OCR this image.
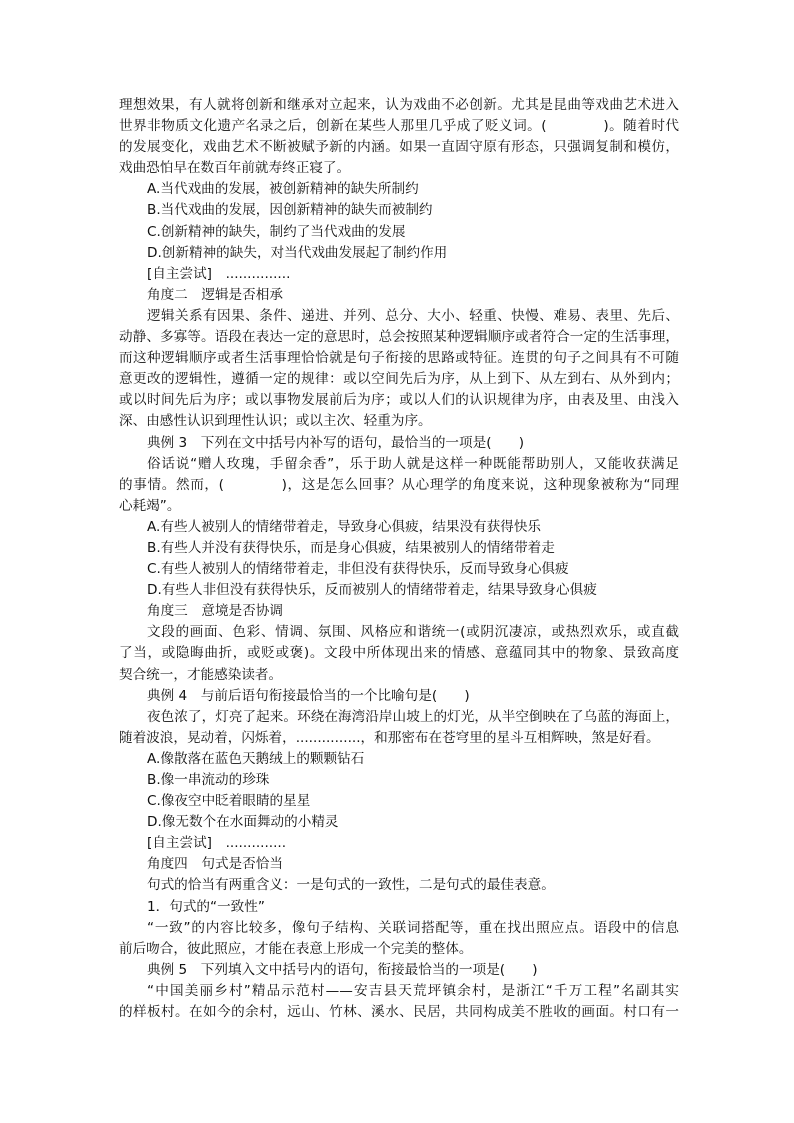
理想效果，有人就将创新和继承对立起来，认为戏曲不必创新。尤其是昆曲等戏曲艺术进入
世界非物质文化遗产名录之后，创新在某些人那里几乎成了贬义词。(　　　　)。随着时代
的发展变化，戏曲艺术不断被赋予新的内涵。如果一直固守原有形态，只强调复制和模仿，
戏曲恐怕早在数百年前就寿终正寝了。
A.当代戏曲的发展，被创新精神的缺失所制约
B.当代戏曲的发展，因创新精神的缺失而被制约
C.创新精神的缺失，制约了当代戏曲的发展
D.创新精神的缺失，对当代戏曲发展起了制约作用
[自主尝试]　...............
角度二　逻辑是否相承
逻辑关系有因果、条件、递进、并列、总分、大小、轻重、快慢、难易、表里、先后、
动静、多寡等。语段在表达一定的意思时，总会按照某种逻辑顺序或者符合一定的生活事理，
而这种逻辑顺序或者生活事理恰恰就是句子衔接的思路或特征。连贯的句子之间具有不可随
意更改的逻辑性，遵循一定的规律：或以空间先后为序，从上到下、从左到右、从外到内；
或以时间先后为序；或以事物发展前后为序；或以人们的认识规律为序，由表及里、由浅入
深、由感性认识到理性认识；或以主次、轻重为序。
典例 3　下列在文中括号内补写的语句，最恰当的一项是(　　)
俗话说“赠人玫瑰，手留余香”，乐于助人就是这样一种既能帮助别人，又能收获满足
的事情。然而，(　　　　)，这是怎么回事？从心理学的角度来说，这种现象被称为“同理
心耗竭”。
A.有些人被别人的情绪带着走，导致身心俱疲，结果没有获得快乐
B.有些人并没有获得快乐，而是身心俱疲，结果被别人的情绪带着走
C.有些人被别人的情绪带着走，非但没有获得快乐，反而导致身心俱疲
D.有些人非但没有获得快乐，反而被别人的情绪带着走，结果导致身心俱疲
角度三　意境是否协调
文段的画面、色彩、情调、氛围、风格应和谐统一(或阴沉凄凉，或热烈欢乐，或直截
了当，或隐晦曲折，或贬或褒)。文段中所体现出来的情感、意蕴同其中的物象、景致高度
契合统一，才能感染读者。
典例 4　与前后语句衔接最恰当的一个比喻句是(　　)
夜色浓了，灯亮了起来。环绕在海湾沿岸山坡上的灯光，从半空倒映在了乌蓝的海面上，
随着波浪，晃动着，闪烁着，...............，和那密布在苍穹里的星斗互相辉映，煞是好看。
A.像散落在蓝色天鹅绒上的颗颗钻石
B.像一串流动的珍珠
C.像夜空中眨着眼睛的星星
D.像无数个在水面舞动的小精灵
[自主尝试]　..............
角度四　句式是否恰当
句式的恰当有两重含义：一是句式的一致性，二是句式的最佳表意。
1．句式的“一致性”
“一致”的内容比较多，像句子结构、关联词搭配等，重在找出照应点。语段中的信息
前后吻合，彼此照应，才能在表意上形成一个完美的整体。
典例 5　下列填入文中括号内的语句，衔接最恰当的一项是(　　)
“中国美丽乡村”精品示范村——安吉县天荒坪镇余村，是浙江“千万工程”名副其实
的样板村。在如今的余村，远山、竹林、溪水、民居，共同构成美不胜收的画面。村口有一
